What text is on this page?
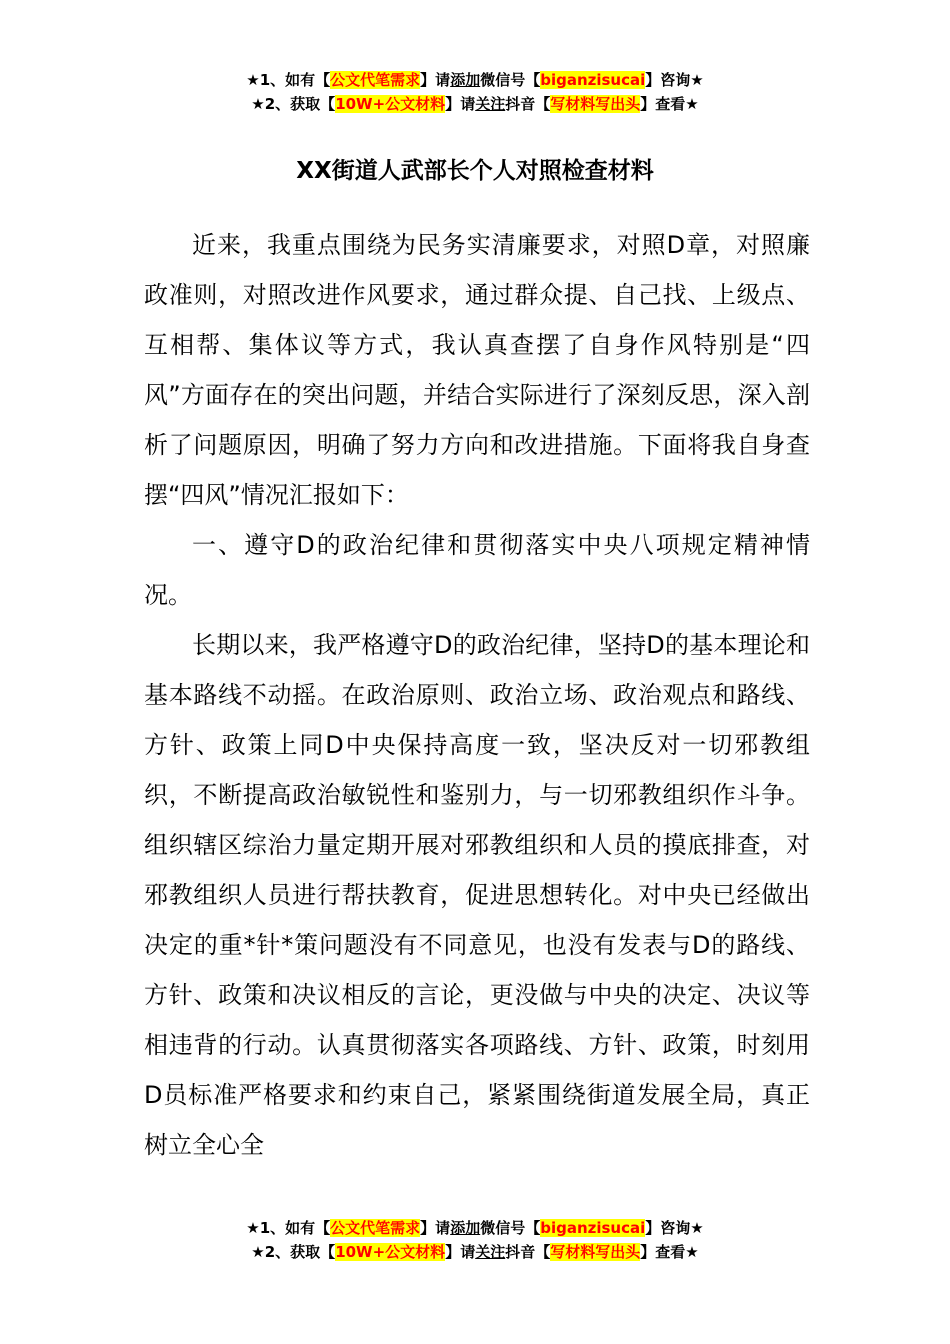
★1、如有【公文代笔需求】请添加微信号【biganzisucai】咨询★
★2、获取【10W+公文材料】请关注抖音【写材料写出头】查看★
XX街道人武部长个人对照检查材料

近来，我重点围绕为民务实清廉要求，对照D章，对照廉政准则，对照改进作风要求，通过群众提、自己找、上级点、互相帮、集体议等方式，我认真查摆了自身作风特别是“四风”方面存在的突出问题，并结合实际进行了深刻反思，深入剖析了问题原因，明确了努力方向和改进措施。下面将我自身查摆“四风”情况汇报如下：

一、遵守D的政治纪律和贯彻落实中央八项规定精神情况。

长期以来，我严格遵守D的政治纪律，坚持D的基本理论和基本路线不动摇。在政治原则、政治立场、政治观点和路线、方针、政策上同D中央保持高度一致，坚决反对一切邪教组织，不断提高政治敏锐性和鉴别力，与一切邪教组织作斗争。组织辖区综治力量定期开展对邪教组织和人员的摸底排查，对邪教组织人员进行帮扶教育，促进思想转化。对中央已经做出决定的重*针*策问题没有不同意见，也没有发表与D的路线、方针、政策和决议相反的言论，更没做与中央的决定、决议等相违背的行动。认真贯彻落实各项路线、方针、政策，时刻用D员标准严格要求和约束自己，紧紧围绕街道发展全局，真正树立全心全

★1、如有【公文代笔需求】请添加微信号【biganzisucai】咨询★
★2、获取【10W+公文材料】请关注抖音【写材料写出头】查看★
